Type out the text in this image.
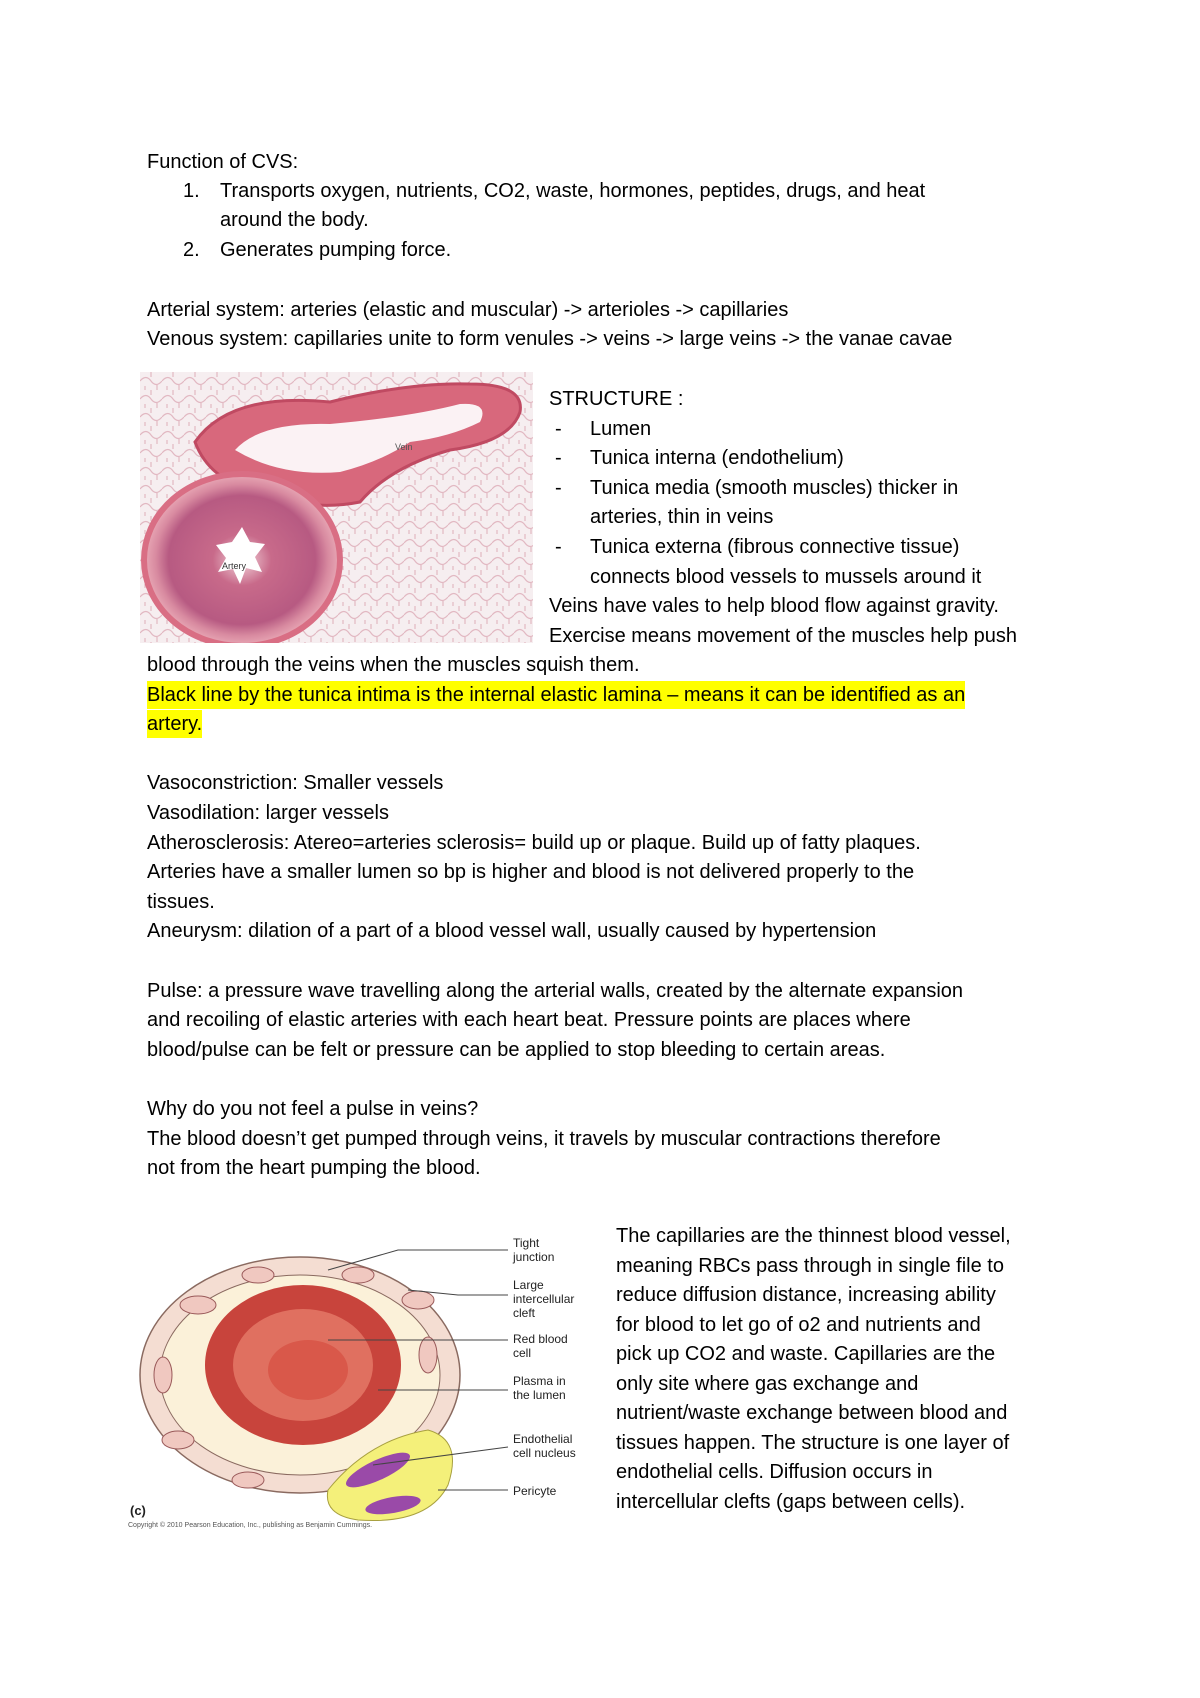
Function of CVS:
1. Transports oxygen, nutrients, CO2, waste, hormones, peptides, drugs, and heat
around the body.
2. Generates pumping force.
Arterial system: arteries (elastic and muscular) -> arterioles -> capillaries
Venous system: capillaries unite to form venules -> veins -> large veins -> the vanae cavae
Vein
Artery
STRUCTURE :
- Lumen
- Tunica interna (endothelium)
- Tunica media (smooth muscles) thicker in
arteries, thin in veins
- Tunica externa (fibrous connective tissue)
connects blood vessels to mussels around it
Veins have vales to help blood flow against gravity.
Exercise means movement of the muscles help push
blood through the veins when the muscles squish them.
Black line by the tunica intima is the internal elastic lamina – means it can be identified as an
artery.
Vasoconstriction: Smaller vessels
Vasodilation: larger vessels
Atherosclerosis: Atereo=arteries sclerosis= build up or plaque. Build up of fatty plaques.
Arteries have a smaller lumen so bp is higher and blood is not delivered properly to the
tissues.
Aneurysm: dilation of a part of a blood vessel wall, usually caused by hypertension
Pulse: a pressure wave travelling along the arterial walls, created by the alternate expansion
and recoiling of elastic arteries with each heart beat. Pressure points are places where
blood/pulse can be felt or pressure can be applied to stop bleeding to certain areas.
Why do you not feel a pulse in veins?
The blood doesn’t get pumped through veins, it travels by muscular contractions therefore
not from the heart pumping the blood.
Tight
junction
Large
intercellular
cleft
Red blood
cell
Plasma in
the lumen
Endothelial
cell nucleus
Pericyte
(c)
Copyright © 2010 Pearson Education, Inc., publishing as Benjamin Cummings.
The capillaries are the thinnest blood vessel,
meaning RBCs pass through in single file to
reduce diffusion distance, increasing ability
for blood to let go of o2 and nutrients and
pick up CO2 and waste. Capillaries are the
only site where gas exchange and
nutrient/waste exchange between blood and
tissues happen. The structure is one layer of
endothelial cells. Diffusion occurs in
intercellular clefts (gaps between cells).
